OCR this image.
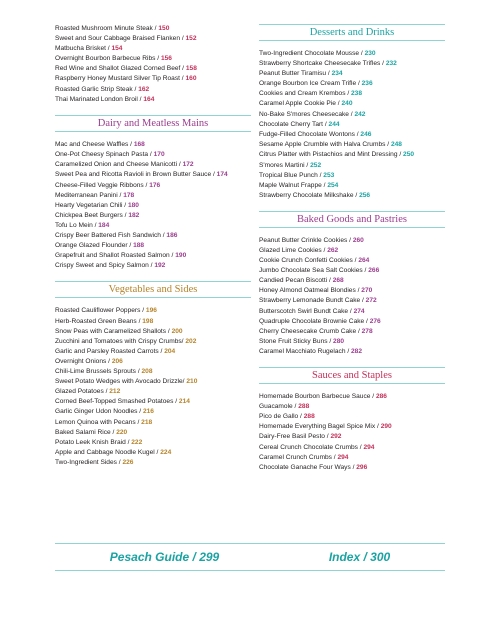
Roasted Mushroom Minute Steak / 150
Sweet and Sour Cabbage Braised Flanken / 152
Matbucha Brisket / 154
Overnight Bourbon Barbecue Ribs / 156
Red Wine and Shallot Glazed Corned Beef / 158
Raspberry Honey Mustard Silver Tip Roast / 160
Roasted Garlic Strip Steak / 162
Thai Marinated London Broil / 164
Dairy and Meatless Mains
Mac and Cheese Waffles / 168
One-Pot Cheesy Spinach Pasta / 170
Caramelized Onion and Cheese Manicotti / 172
Sweet Pea and Ricotta Ravioli in Brown Butter Sauce / 174
Cheese-Filled Veggie Ribbons / 176
Mediterranean Panini / 178
Hearty Vegetarian Chili / 180
Chickpea Beet Burgers / 182
Tofu Lo Mein / 184
Crispy Beer Battered Fish Sandwich / 186
Orange Glazed Flounder / 188
Grapefruit and Shallot Roasted Salmon / 190
Crispy Sweet and Spicy Salmon / 192
Vegetables and Sides
Roasted Cauliflower Poppers / 196
Herb-Roasted Green Beans / 198
Snow Peas with Caramelized Shallots / 200
Zucchini and Tomatoes with Crispy Crumbs/ 202
Garlic and Parsley Roasted Carrots / 204
Overnight Onions / 206
Chili-Lime Brussels Sprouts / 208
Sweet Potato Wedges with Avocado Drizzle/ 210
Glazed Potatoes / 212
Corned Beef-Topped Smashed Potatoes / 214
Garlic Ginger Udon Noodles / 216
Lemon Quinoa with Pecans / 218
Baked Salami Rice / 220
Potato Leek Knish Braid / 222
Apple and Cabbage Noodle Kugel / 224
Two-Ingredient Sides / 226
Desserts and Drinks
Two-Ingredient Chocolate Mousse / 230
Strawberry Shortcake Cheesecake Trifles / 232
Peanut Butter Tiramisu / 234
Orange Bourbon Ice Cream Trifle / 236
Cookies and Cream Krembos / 238
Caramel Apple Cookie Pie / 240
No-Bake S'mores Cheesecake / 242
Chocolate Cherry Tart / 244
Fudge-Filled Chocolate Wontons / 246
Sesame Apple Crumble with Halva Crumbs / 248
Citrus Platter with Pistachios and Mint Dressing / 250
S'mores Martini / 252
Tropical Blue Punch / 253
Maple Walnut Frappe / 254
Strawberry Chocolate Milkshake / 256
Baked Goods and Pastries
Peanut Butter Crinkle Cookies / 260
Glazed Lime Cookies / 262
Cookie Crunch Confetti Cookies / 264
Jumbo Chocolate Sea Salt Cookies / 266
Candied Pecan Biscotti / 268
Honey Almond Oatmeal Blondies / 270
Strawberry Lemonade Bundt Cake / 272
Butterscotch Swirl Bundt Cake / 274
Quadruple Chocolate Brownie Cake / 276
Cherry Cheesecake Crumb Cake / 278
Stone Fruit Sticky Buns / 280
Caramel Macchiato Rugelach / 282
Sauces and Staples
Homemade Bourbon Barbecue Sauce / 286
Guacamole / 288
Pico de Gallo / 288
Homemade Everything Bagel Spice Mix / 290
Dairy-Free Basil Pesto / 292
Cereal Crunch Chocolate Crumbs / 294
Caramel Crunch Crumbs / 294
Chocolate Ganache Four Ways / 296
Pesach Guide / 299	Index / 300
